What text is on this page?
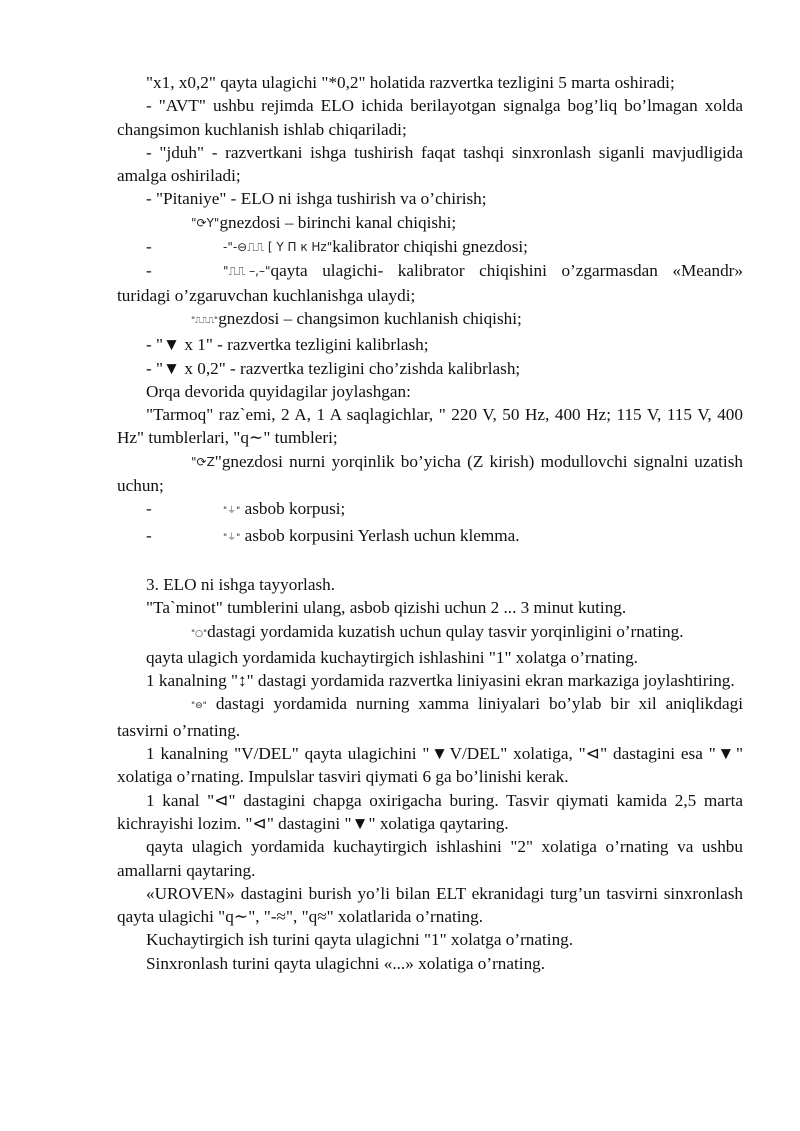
"x1, x0,2" qayta ulagichi "*0,2" holatida razvertka tezligini 5 marta oshiradi;

- "AVT" ushbu rejimda ELO ichida berilayotgan signalga bog’liq bo’lmagan xolda changsimon kuchlanish ishlab chiqariladi;

- "jduh" - razvertkani ishga tushirish faqat tashqi sinxronlash siganli mavjudligida amalga oshiriladi;

- "Pitaniye" - ELO ni ishga tushirish va o’chirish;

"⟳Y"gnezdosi – birinchi kanal chiqishi;

-	-"-⊖⎍⎍ [ Y П к Hz"kalibrator chiqishi gnezdosi;

-	"⎍⎍ –,–"qayta ulagichi- kalibrator chiqishini o’zgarmasdan «Meandr» turidagi o’zgaruvchan kuchlanishga ulaydi;

"⎍⎍⎍"gnezdosi – changsimon kuchlanish chiqishi;

- "▼ x 1" - razvertka tezligini kalibrlash;

- "▼ x 0,2" - razvertka tezligini cho’zishda kalibrlash;

Orqa devorida quyidagilar joylashgan:

"Tarmoq" raz`emi, 2 A, 1 A saqlagichlar, " 220 V, 50 Hz, 400 Hz; 115 V, 115 V, 400 Hz" tumblerlari, "q∼" tumbleri;

"⟳Z"gnezdosi nurni yorqinlik bo’yicha (Z kirish) modullovchi signalni uzatish uchun;

-	"⏚" asbob korpusi;

-	"⏚" asbob korpusini Yerlash uchun klemma.

3. ELO ni ishga tayyorlash.

"Ta`minot" tumblerini ulang, asbob qizishi uchun 2 ... 3 minut kuting.

"○"dastagi yordamida kuzatish uchun qulay tasvir yorqinligini o’rnating.

qayta ulagich yordamida kuchaytirgich ishlashini "1" xolatga o’rnating.

1 kanalning "↕" dastagi yordamida razvertka liniyasini ekran markaziga joylashtiring.

"⊖" dastagi yordamida nurning xamma liniyalari bo’ylab bir xil aniqlikdagi tasvirni o’rnating.

1 kanalning "V/DEL" qayta ulagichini "▼V/DEL" xolatiga, "⊲" dastagini esa "▼" xolatiga o’rnating. Impulslar tasviri qiymati 6 ga bo’linishi kerak.

1 kanal "⊲" dastagini chapga oxirigacha buring. Tasvir qiymati kamida 2,5 marta kichrayishi lozim. "⊲" dastagini "▼" xolatiga qaytaring.

qayta ulagich yordamida kuchaytirgich ishlashini "2" xolatiga o’rnating va ushbu amallarni qaytaring.

«UROVEN» dastagini burish yo’li bilan ELT ekranidagi turg’un tasvirni sinxronlash qayta ulagichi "q∼", "-≈", "q≈" xolatlarida o’rnating.

Kuchaytirgich ish turini qayta ulagichni "1" xolatga o’rnating.

Sinxronlash turini qayta ulagichni «...» xolatiga o’rnating.
